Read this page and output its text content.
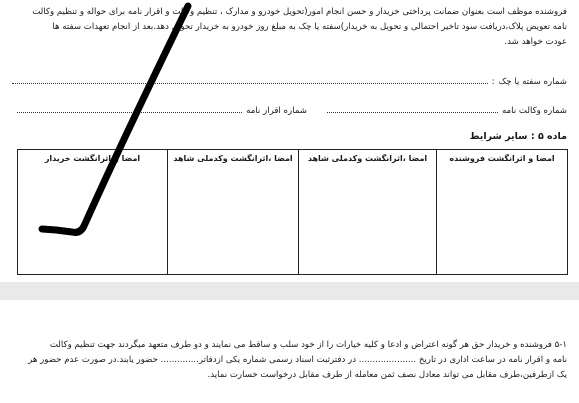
فروشنده موظف است بعنوان ضمانت پرداختی خریدار و حسن انجام امور(تحویل خودرو و مدارک ، تنظیم وکالت و اقرار نامه برای حواله و تنظیم وکالت
نامه تعویض پلاک،دریافت سود تاخیر احتمالی و تحویل به خریدار)سفته یا چک به مبلغ روز خودرو به خریدار تحویل دهد.بعد از انجام تعهدات سفته ها
عودت خواهد شد.

شماره سفته یا چک
:
شماره وکالت نامه
شماره اقرار نامه
ماده ۵ : سایر شرایط
امضا و اثرانگشت فروشنده	امضا ،اثرانگشت وکدملی شاهد	امضا ،اثرانگشت وکدملی شاهد	امضا و اثرانگشت خریدار

۵-۱ فروشنده و خریدار حق هر گونه اعتراض و ادعا و کلیه خیارات را از خود سلب و ساقط می نمایند و دو طرف متعهد میگردند جهت تنظیم وکالت
نامه و اقرار نامه در ساعت اداری در تاریخ ..................... در دفترثبت اسناد رسمی شماره یکی ازدفاتر.............. حضور یابند.در صورت عدم حضور هر
یک ازطرفین،طرف مقابل می تواند معادل نصف ثمن معامله از طرف مقابل درخواست خسارت نماید.
